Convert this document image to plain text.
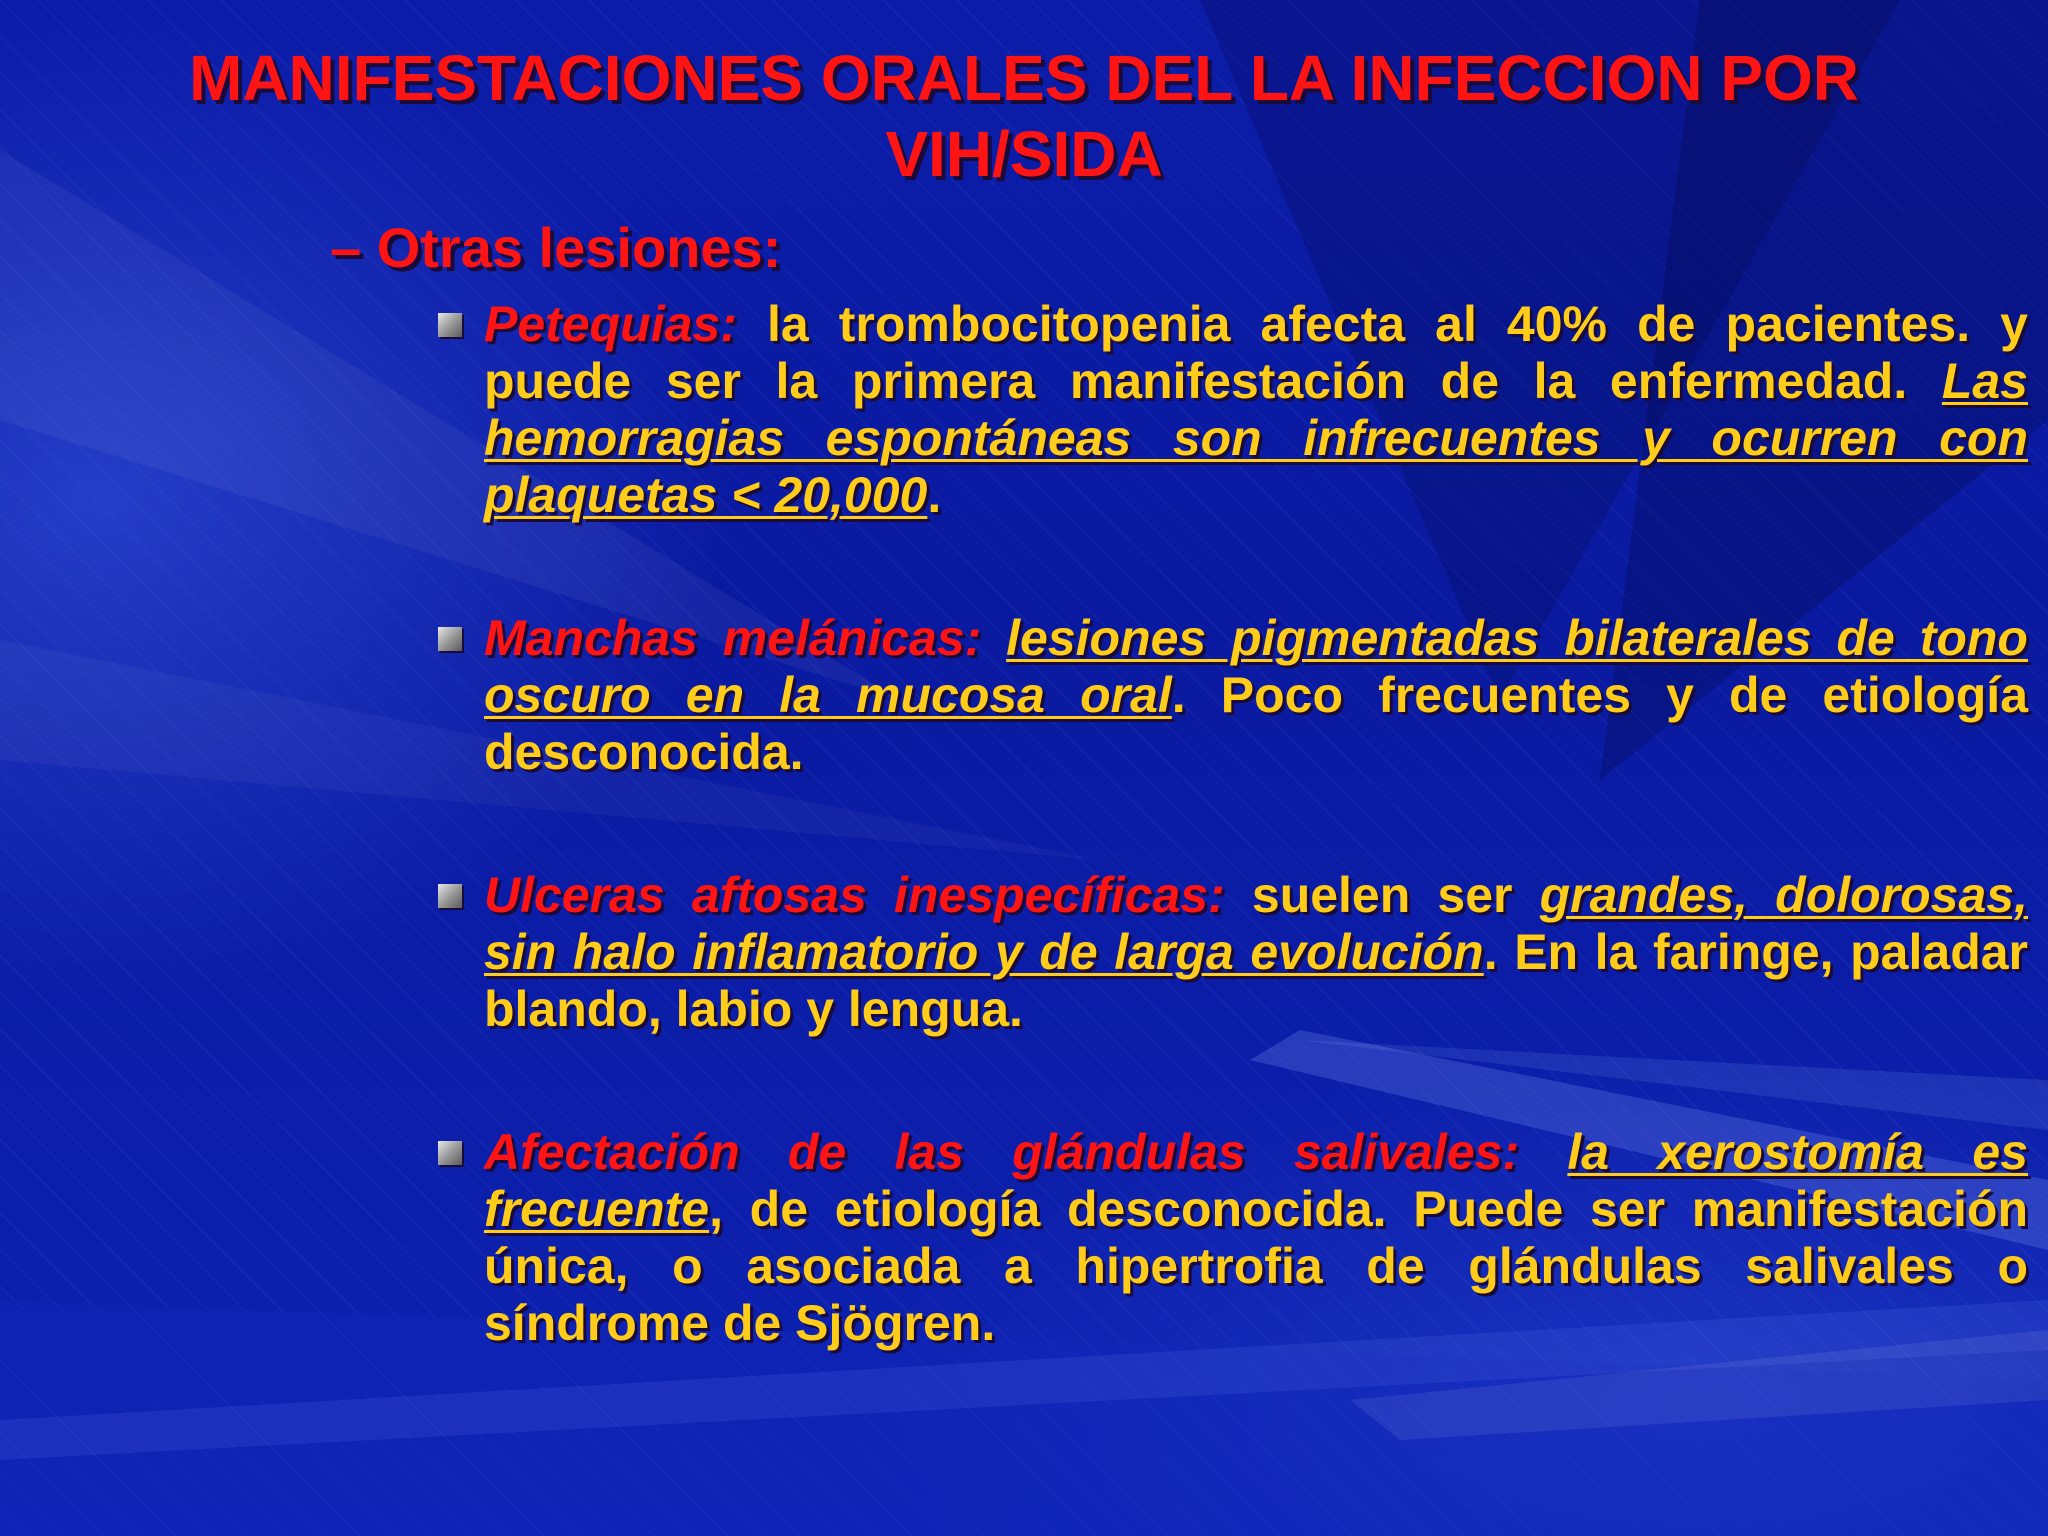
MANIFESTACIONES ORALES DEL LA INFECCION POR VIH/SIDA
– Otras lesiones:
Petequias: la trombocitopenia afecta al 40% de pacientes. y puede ser la primera manifestación de la enfermedad. Las hemorragias espontáneas son infrecuentes y ocurren con plaquetas < 20,000.
Manchas melánicas: lesiones pigmentadas bilaterales de tono oscuro en la mucosa oral. Poco frecuentes y de etiología desconocida.
Ulceras aftosas inespecíficas: suelen ser grandes, dolorosas, sin halo inflamatorio y de larga evolución. En la faringe, paladar blando, labio y lengua.
Afectación de las glándulas salivales: la xerostomía es frecuente, de etiología desconocida. Puede ser manifestación única, o asociada a hipertrofia de glándulas salivales o síndrome de Sjögren.
